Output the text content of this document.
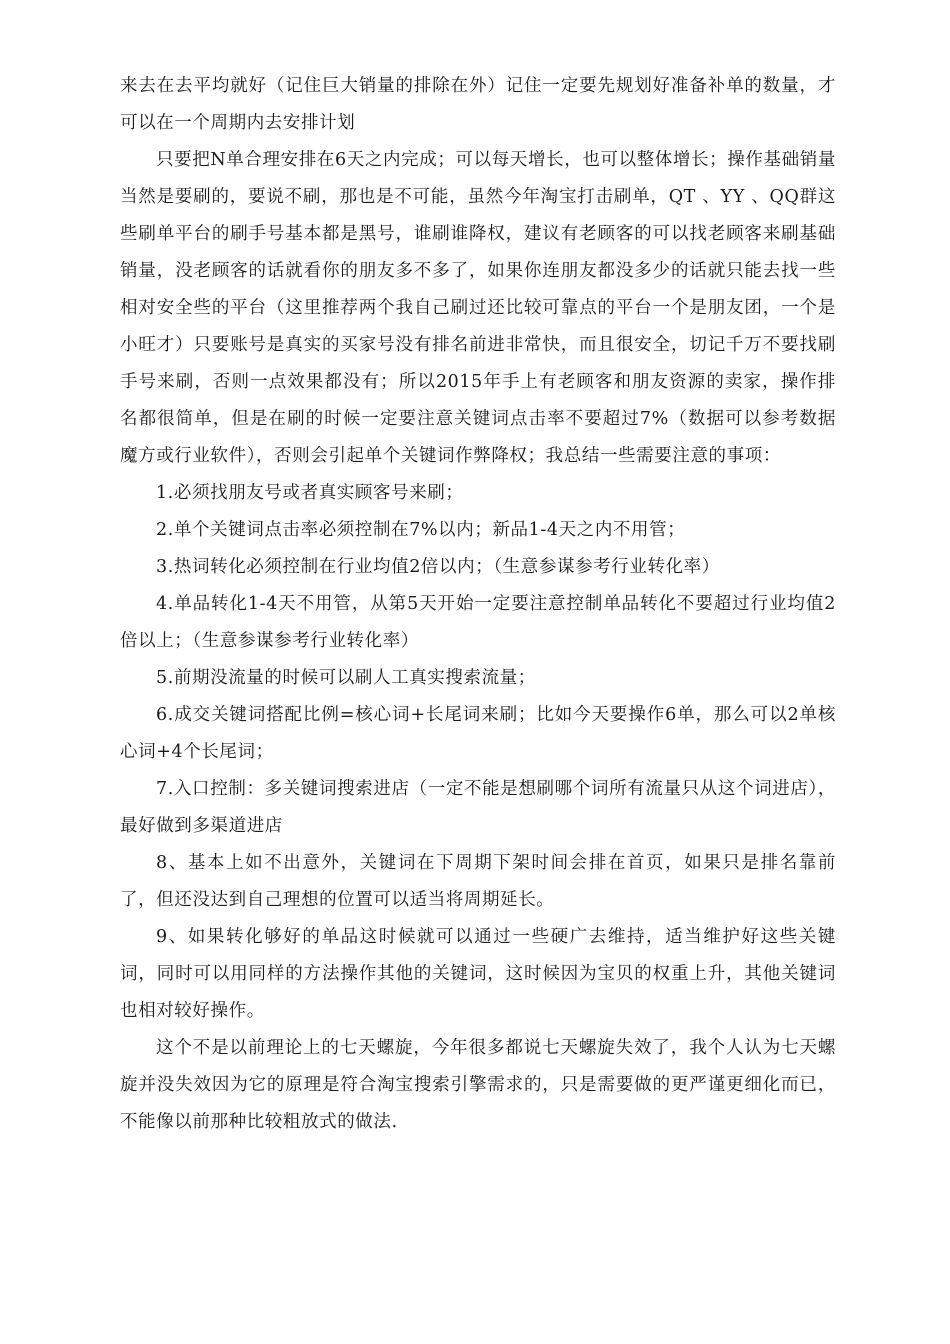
来去在去平均就好（记住巨大销量的排除在外）记住一定要先规划好准备补单的数量，才可以在一个周期内去安排计划

只要把N单合理安排在6天之内完成；可以每天增长，也可以整体增长；操作基础销量当然是要刷的，要说不刷，那也是不可能，虽然今年淘宝打击刷单，QT 、YY 、QQ群这些刷单平台的刷手号基本都是黑号，谁刷谁降权，建议有老顾客的可以找老顾客来刷基础销量，没老顾客的话就看你的朋友多不多了，如果你连朋友都没多少的话就只能去找一些相对安全些的平台（这里推荐两个我自己刷过还比较可靠点的平台一个是朋友团，一个是小旺才）只要账号是真实的买家号没有排名前进非常快，而且很安全，切记千万不要找刷手号来刷，否则一点效果都没有；所以2015年手上有老顾客和朋友资源的卖家，操作排名都很简单，但是在刷的时候一定要注意关键词点击率不要超过7%（数据可以参考数据魔方或行业软件），否则会引起单个关键词作弊降权；我总结一些需要注意的事项：

1.必须找朋友号或者真实顾客号来刷；

2.单个关键词点击率必须控制在7%以内；新品1-4天之内不用管；

3.热词转化必须控制在行业均值2倍以内；（生意参谋参考行业转化率）

4.单品转化1-4天不用管，从第5天开始一定要注意控制单品转化不要超过行业均值2倍以上；（生意参谋参考行业转化率）

5.前期没流量的时候可以刷人工真实搜索流量；

6.成交关键词搭配比例=核心词+长尾词来刷；比如今天要操作6单，那么可以2单核心词+4个长尾词；

7.入口控制：多关键词搜索进店（一定不能是想刷哪个词所有流量只从这个词进店），最好做到多渠道进店

8、基本上如不出意外，关键词在下周期下架时间会排在首页，如果只是排名靠前了，但还没达到自己理想的位置可以适当将周期延长。

9、如果转化够好的单品这时候就可以通过一些硬广去维持，适当维护好这些关键词，同时可以用同样的方法操作其他的关键词，这时候因为宝贝的权重上升，其他关键词也相对较好操作。

这个不是以前理论上的七天螺旋，今年很多都说七天螺旋失效了，我个人认为七天螺旋并没失效因为它的原理是符合淘宝搜索引擎需求的，只是需要做的更严谨更细化而已，不能像以前那种比较粗放式的做法.
